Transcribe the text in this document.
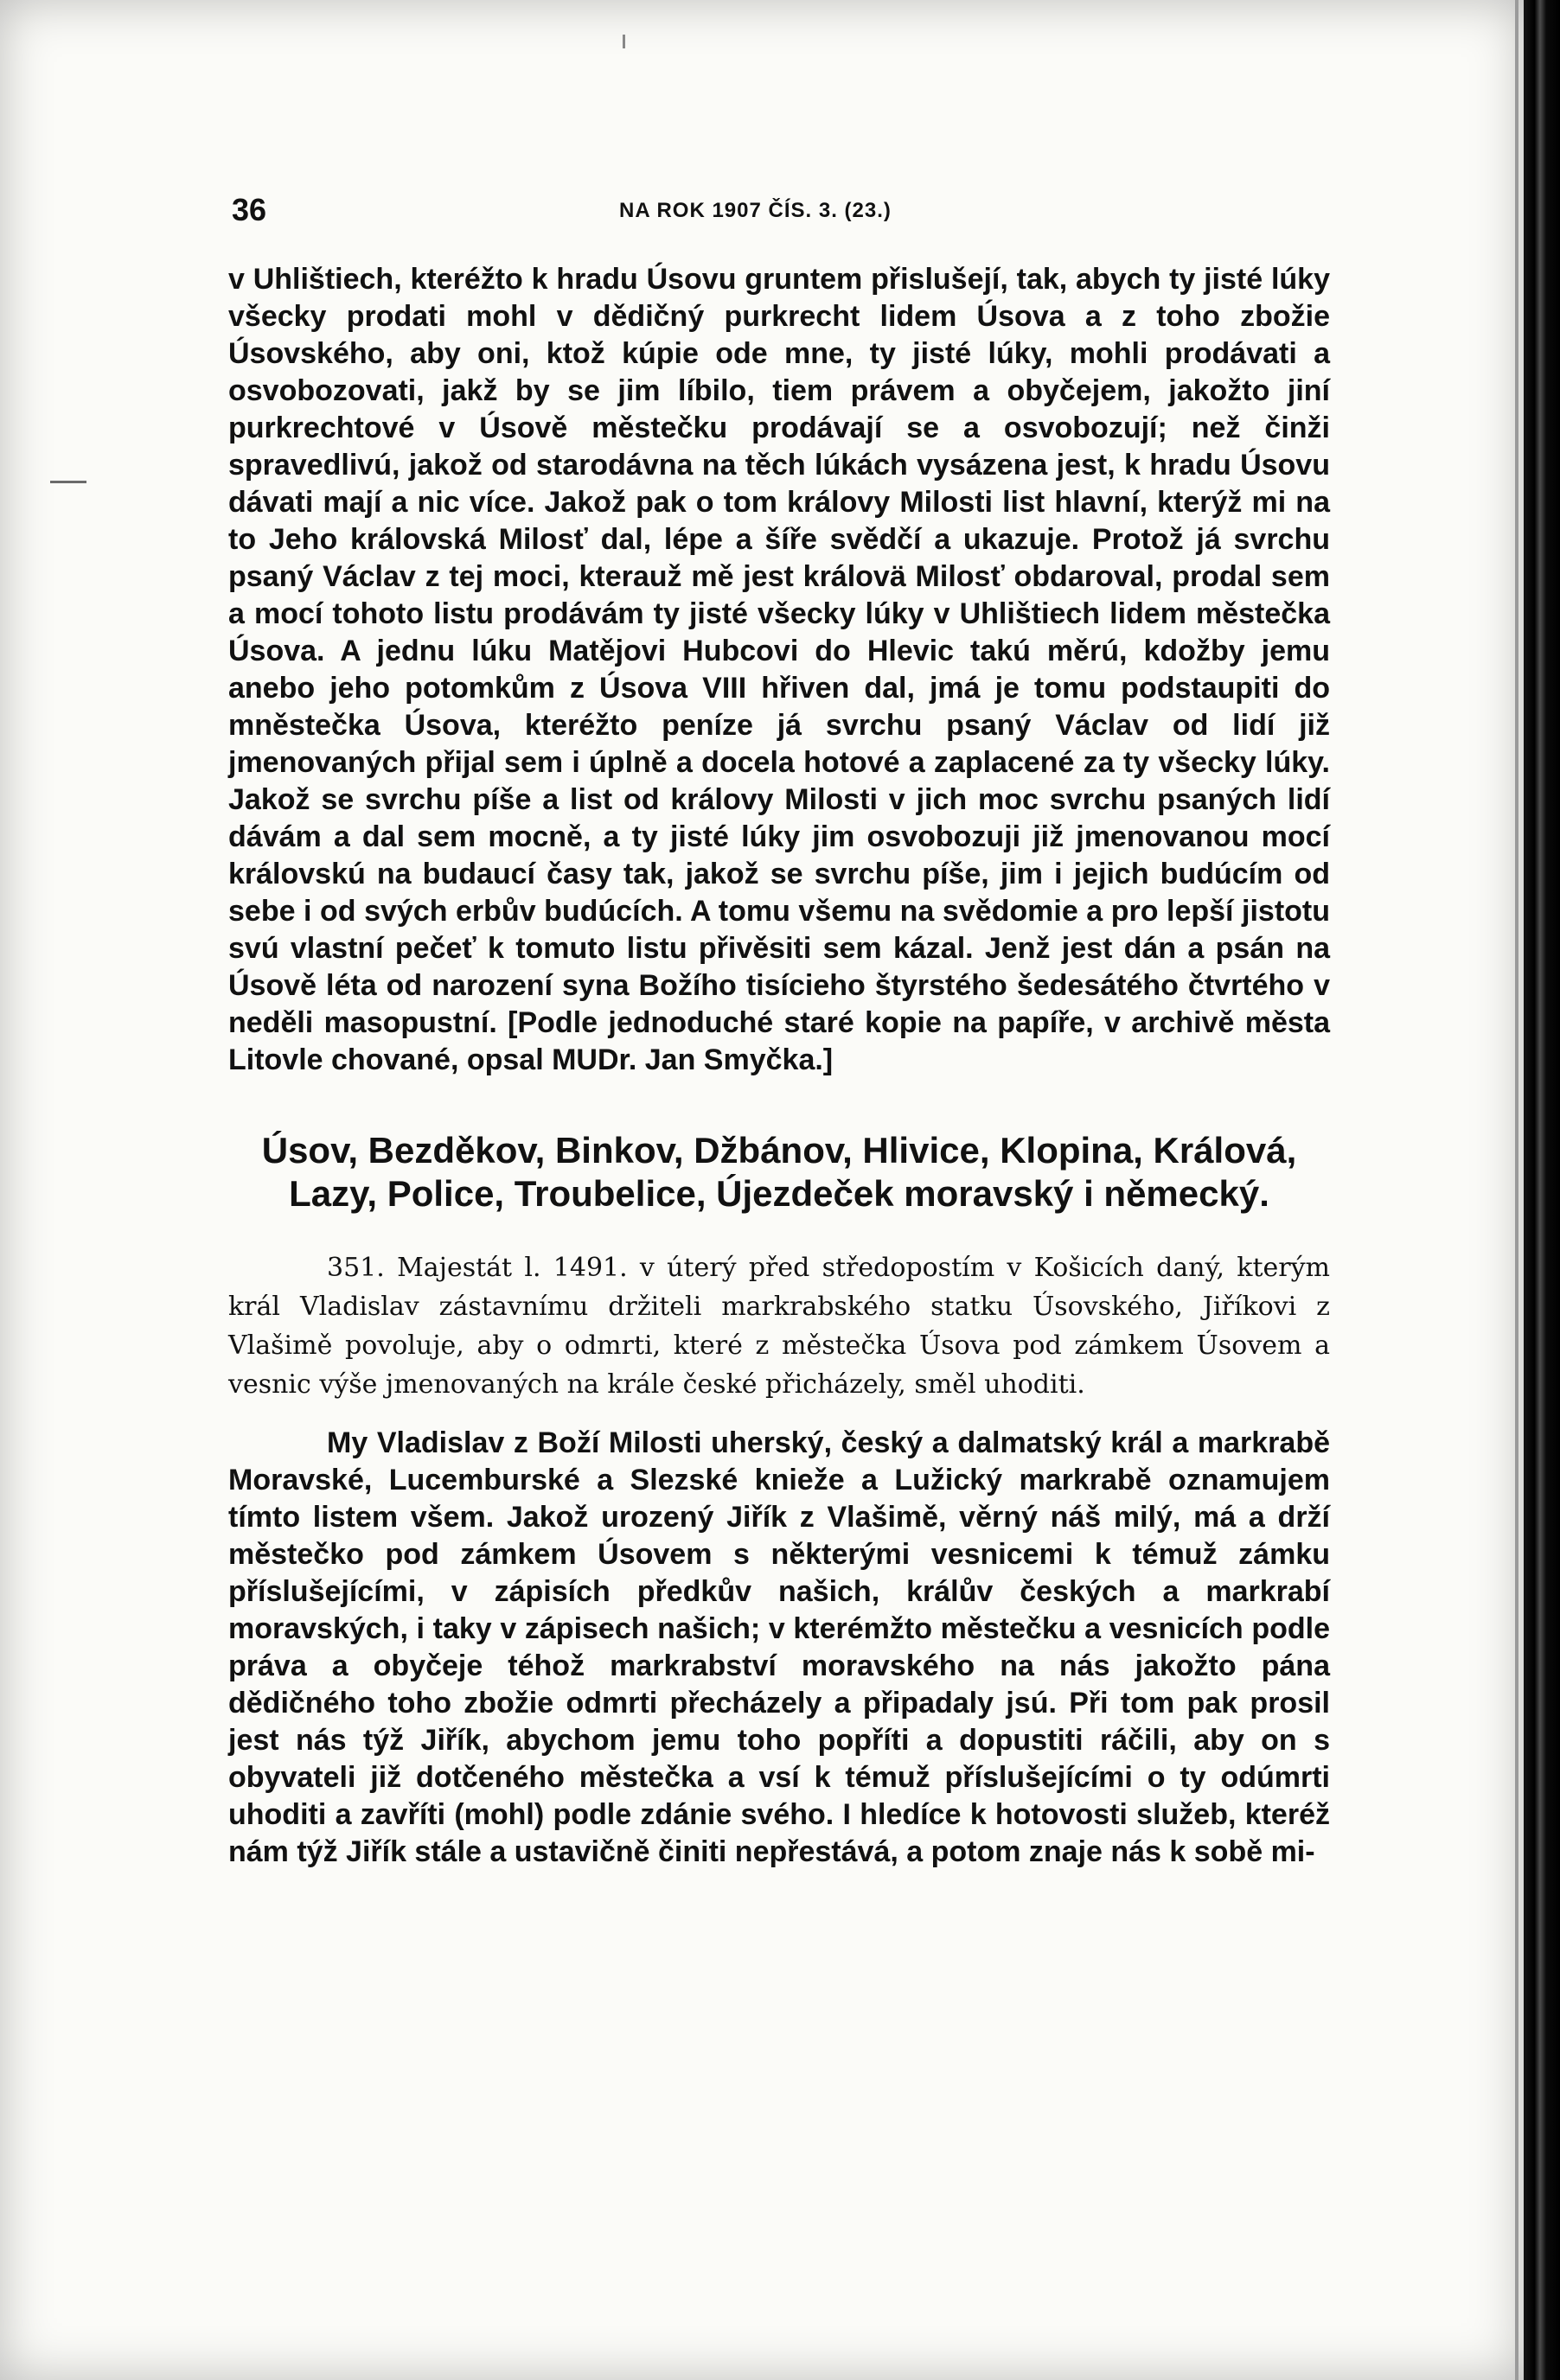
36	NA ROK 1907 ČÍS. 3. (23.)

v Uhlištiech, kteréžto k hradu Úsovu gruntem přislušejí, tak, abych ty jisté lúky všecky prodati mohl v dědičný purkrecht lidem Úsova a z toho zbožie Úsovského, aby oni, ktož kúpie ode mne, ty jisté lúky, mohli prodávati a osvobozovati, jakž by se jim líbilo, tiem právem a obyčejem, jakožto jiní purkrechtové v Úsově městečku prodávají se a osvobozují; než činži spravedlivú, jakož od starodávna na těch lúkách vysázena jest, k hradu Úsovu dávati mají a nic více. Jakož pak o tom královy Milosti list hlavní, kterýž mi na to Jeho královská Milosť dal, lépe a šíře svědčí a ukazuje. Protož já svrchu psaný Václav z tej moci, kterauž mě jest královä Milosť obdaroval, prodal sem a mocí tohoto listu prodávám ty jisté všecky lúky v Uhlištiech lidem městečka Úsova. A jednu lúku Matějovi Hubcovi do Hlevic takú měrú, kdožby jemu anebo jeho potomkům z Úsova VIII hřiven dal, jmá je tomu podstaupiti do mněstečka Úsova, kteréžto peníze já svrchu psaný Václav od lidí již jmenovaných přijal sem i úplně a docela hotové a zaplacené za ty všecky lúky. Jakož se svrchu píše a list od královy Milosti v jich moc svrchu psaných lidí dávám a dal sem mocně, a ty jisté lúky jim osvobozuji již jmenovanou mocí královskú na budaucí časy tak, jakož se svrchu píše, jim i jejich budúcím od sebe i od svých erbův budúcích. A tomu všemu na svědomie a pro lepší jistotu svú vlastní pečeť k tomuto listu přivěsiti sem kázal. Jenž jest dán a psán na Úsově léta od narození syna Božího tisícieho štyrstého šedesátého čtvrtého v neděli masopustní. [Podle jednoduché staré kopie na papíře, v archivě města Litovle chované, opsal MUDr. Jan Smyčka.]

Úsov, Bezděkov, Binkov, Džbánov, Hlivice, Klopina, Králová, Lazy, Police, Troubelice, Újezdeček moravský i německý.

351. Majestát l. 1491. v úterý před středopostím v Košicích daný, kterým král Vladislav zástavnímu držiteli markrabského statku Úsovského, Jiříkovi z Vlašimě povoluje, aby o odmrti, které z městečka Úsova pod zámkem Úsovem a vesnic výše jmenovaných na krále české přicházely, směl uhoditi.

My Vladislav z Boží Milosti uherský, český a dalmatský král a markrabě Moravské, Lucemburské a Slezské knieže a Lužický markrabě oznamujem tímto listem všem. Jakož urozený Jiřík z Vlašimě, věrný náš milý, má a drží městečko pod zámkem Úsovem s některými vesnicemi k témuž zámku příslušejícími, v zápisích předkův našich, králův českých a markrabí moravských, i taky v zápisech našich; v kterémžto městečku a vesnicích podle práva a obyčeje téhož markrabství moravského na nás jakožto pána dědičného toho zbožie odmrti přecházely a připadaly jsú. Při tom pak prosil jest nás týž Jiřík, abychom jemu toho popříti a dopustiti ráčili, aby on s obyvateli již dotčeného městečka a vsí k témuž příslušejícími o ty odúmrti uhoditi a zavříti (mohl) podle zdánie svého. I hledíce k hotovosti služeb, kteréž nám týž Jiřík stále a ustavičně činiti nepřestává, a potom znaje nás k sobě mi-
